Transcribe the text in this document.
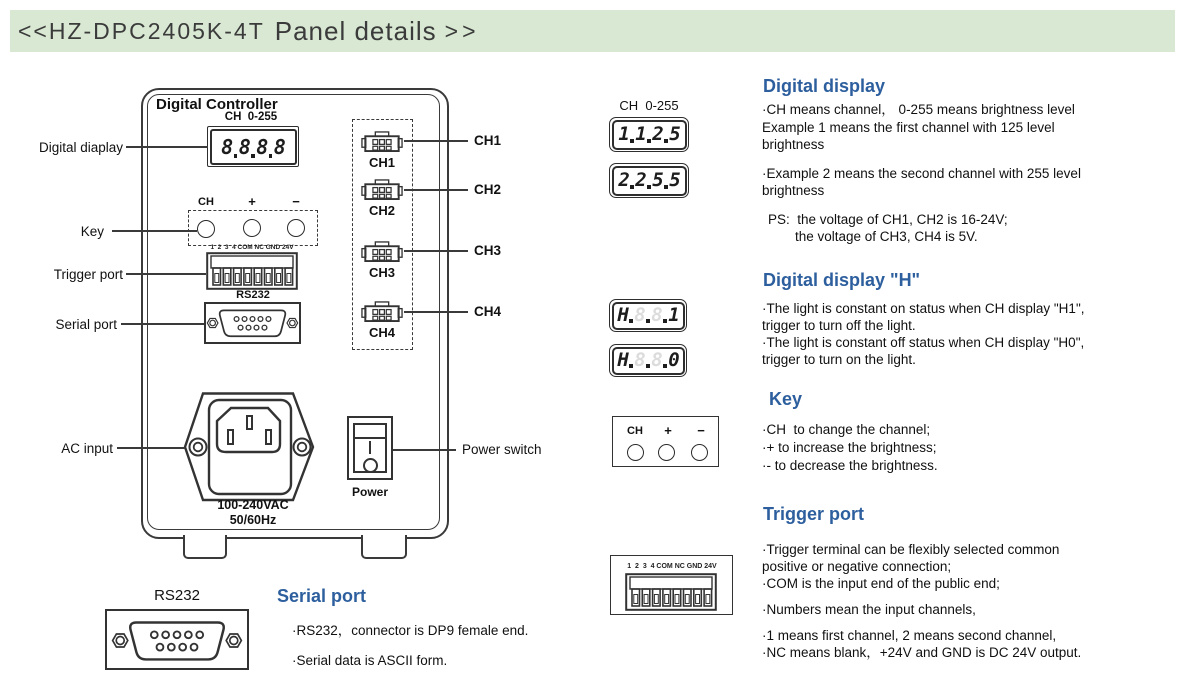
<<HZ-DPC2405K-4T Panel details >>
Digital Controller
CH  0-255
8 8 8 8
CH	+	−
1  2  3  4 COM NC GND 24V
RS232
CH1
CH2
CH3
CH4
100-240VAC
50/60Hz
Power
Digital diaplay
Key
Trigger port
Serial port
AC input
CH1
CH2
CH3
CH4
Power switch
Digital display
CH  0-255
1 1 2 5
2 2 5 5
·CH means channel， 0-255 means brightness level
Example 1 means the first channel with 125 level
brightness
·Example 2 means the second channel with 255 level
brightness
PS:  the voltage of CH1, CH2 is 16-24V;
the voltage of CH3, CH4 is 5V.
Digital display "H"
H 8 8 1
H 8 8 0
·The light is constant on status when CH display "H1",
trigger to turn off the light.
·The light is constant off status when CH display "H0",
trigger to turn on the light.
Key
CH	+	−	·CH  to change the channel;
·+ to increase the brightness;
·- to decrease the brightness.
Trigger port
1  2  3  4 COM NC GND 24V
·Trigger terminal can be flexibly selected common
positive or negative connection;
·COM is the input end of the public end;
·Numbers mean the input channels,
·1 means first channel, 2 means second channel,
·NC means blank，+24V and GND is DC 24V output.
RS232	Serial port
·RS232，connector is DP9 female end.
·Serial data is ASCII form.
